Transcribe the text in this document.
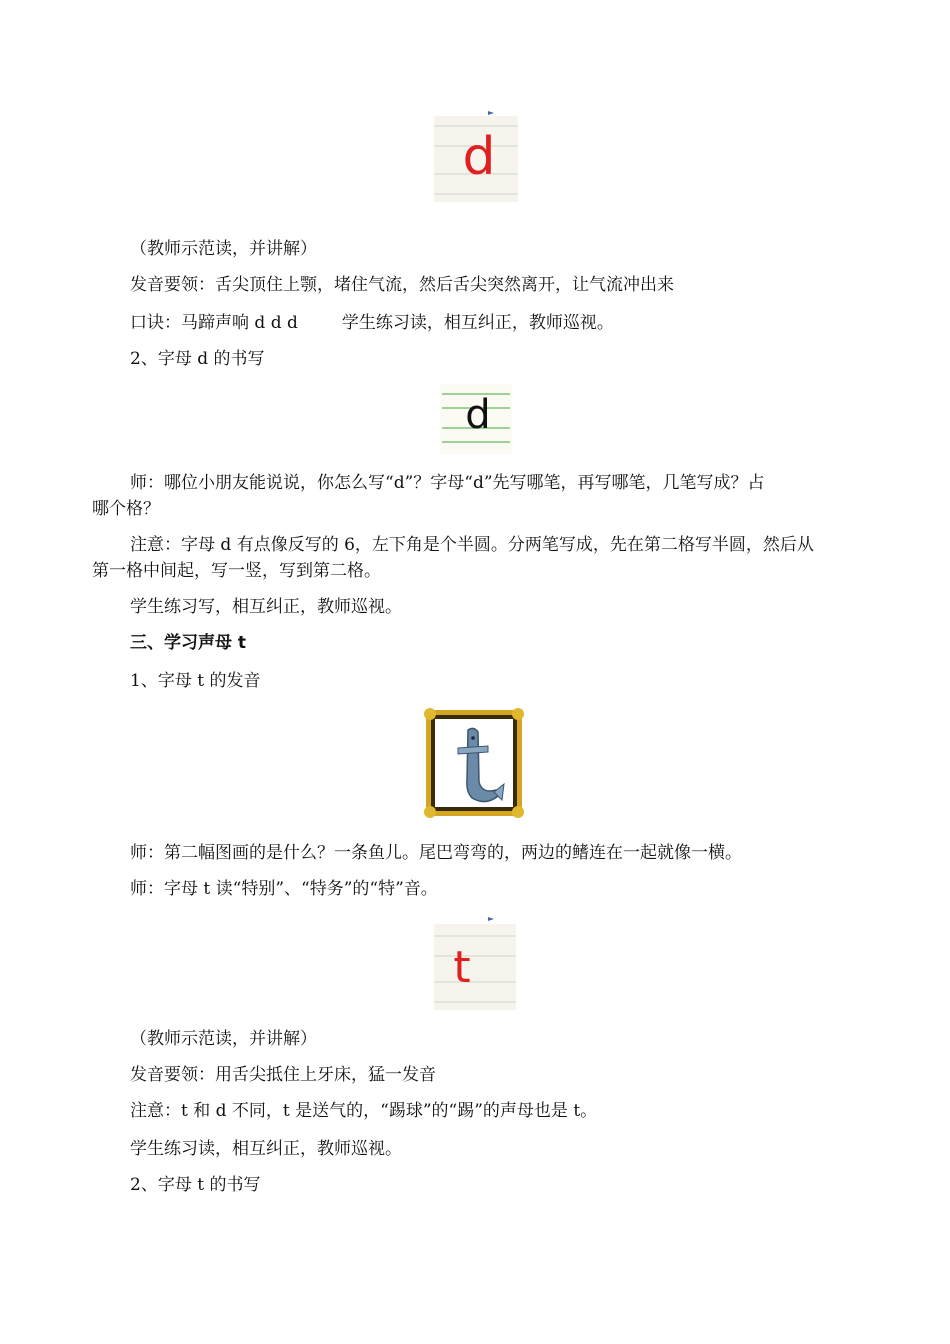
d
（教师示范读，并讲解）
发音要领：舌尖顶住上颚，堵住气流，然后舌尖突然离开，让气流冲出来
口诀：马蹄声响 d d d	学生练习读，相互纠正，教师巡视。
2、字母 d 的书写
d
师：哪位小朋友能说说，你怎么写“d”？字母“d”先写哪笔，再写哪笔，几笔写成？占
哪个格？
注意：字母 d 有点像反写的 6，左下角是个半圆。分两笔写成，先在第二格写半圆，然后从
第一格中间起，写一竖，写到第二格。
学生练习写，相互纠正，教师巡视。
三、学习声母 t
1、字母 t 的发音
师：第二幅图画的是什么？一条鱼儿。尾巴弯弯的，两边的鳍连在一起就像一横。
师：字母 t 读“特别”、“特务”的“特”音。
t
（教师示范读，并讲解）
发音要领：用舌尖抵住上牙床，猛一发音
注意：t 和 d 不同，t 是送气的，“踢球”的“踢”的声母也是 t。
学生练习读，相互纠正，教师巡视。
2、字母 t 的书写
